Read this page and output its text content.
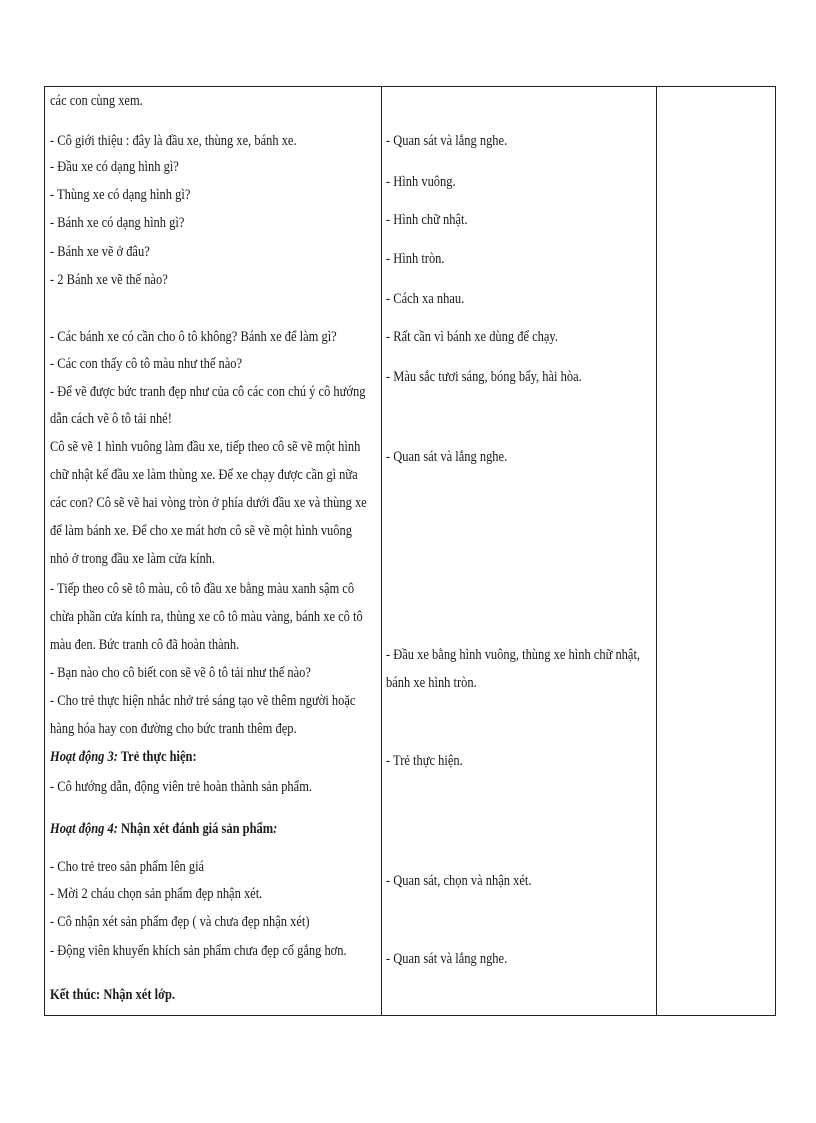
các con cùng xem.
- Cô giới thiệu : đây là đầu xe, thùng xe, bánh xe.
- Đầu xe có dạng hình gì?
- Thùng xe có dạng hình gì?
- Bánh xe có dạng hình gì?
- Bánh xe vẽ ở đâu?
- 2 Bánh xe vẽ thế nào?
- Các bánh xe có cần cho ô tô không? Bánh xe để làm gì?
- Các con thấy cô tô màu như thế nào?
- Để vẽ được bức tranh đẹp như của cô các con chú ý cô hướng
dẫn cách vẽ ô tô tải nhé!
Cô sẽ vẽ 1 hình vuông làm đầu xe, tiếp theo cô sẽ vẽ một hình
chữ nhật kế đầu xe làm thùng xe. Để xe chạy được cần gì nữa
các con? Cô sẽ vẽ hai vòng tròn ở phía dưới đầu xe và thùng xe
để làm bánh xe. Để cho xe mát hơn cô sẽ vẽ một hình vuông
nhỏ ở trong đầu xe làm cửa kính.
- Tiếp theo cô sẽ tô màu, cô tô đầu xe bằng màu xanh sậm cô
chừa phần cửa kính ra, thùng xe cô tô màu vàng, bánh xe cô tô
màu đen. Bức tranh cô đã hoàn thành.
- Bạn nào cho cô biết con sẽ vẽ ô tô tải như thế nào?
- Cho trẻ thực hiện nhắc nhở trẻ sáng tạo vẽ thêm người hoặc
hàng hóa hay con đường cho bức tranh thêm đẹp.
Hoạt động 3: Trẻ thực hiện:
- Cô hướng dẫn, động viên trẻ hoàn thành sản phẩm.
Hoạt động 4: Nhận xét đánh giá sản phẩm:
- Cho trẻ treo sản phẩm lên giá
- Mời 2 cháu chọn sản phẩm đẹp nhận xét.
- Cô nhận xét sản phẩm đẹp ( và chưa đẹp nhận xét)
- Động viên khuyến khích sản phẩm chưa đẹp cố gắng hơn.
Kết thúc: Nhận xét lớp.
- Quan sát và lắng nghe.
- Hình vuông.
- Hình chữ nhật.
- Hình tròn.
- Cách xa nhau.
- Rất cần vì bánh xe dùng để chạy.
- Màu sắc tươi sáng, bóng bẩy, hài hòa.
- Quan sát và lắng nghe.
- Đầu xe bằng hình vuông, thùng xe hình chữ nhật,
bánh xe hình tròn.
- Trẻ thực hiện.
- Quan sát, chọn và nhận xét.
- Quan sát và lắng nghe.
